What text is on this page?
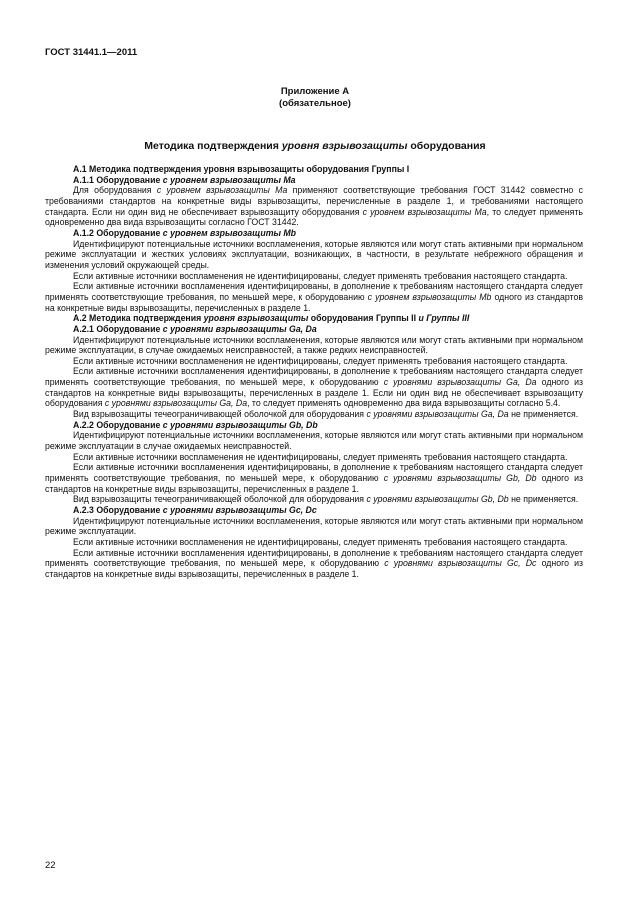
ГОСТ 31441.1—2011
Приложение А
(обязательное)
Методика подтверждения уровня взрывозащиты оборудования
А.1 Методика подтверждения уровня взрывозащиты оборудования Группы I
А.1.1 Оборудование с уровнем взрывозащиты Ma
Для оборудования с уровнем взрывозащиты Ma применяют соответствующие требования ГОСТ 31442 совместно с требованиями стандартов на конкретные виды взрывозащиты, перечисленные в разделе 1, и требованиями настоящего стандарта. Если ни один вид не обеспечивает взрывозащиту оборудования с уровнем взрывозащиты Ma, то следует применять одновременно два вида взрывозащиты согласно ГОСТ 31442.
А.1.2 Оборудование с уровнем взрывозащиты Mb
Идентифицируют потенциальные источники воспламенения, которые являются или могут стать активными при нормальном режиме эксплуатации и жестких условиях эксплуатации, возникающих, в частности, в результате небрежного обращения и изменения условий окружающей среды.
Если активные источники воспламенения не идентифицированы, следует применять требования настоящего стандарта.
Если активные источники воспламенения идентифицированы, в дополнение к требованиям настоящего стандарта следует применять соответствующие требования, по меньшей мере, к оборудованию с уровнем взрывозащиты Mb одного из стандартов на конкретные виды взрывозащиты, перечисленных в разделе 1.
А.2 Методика подтверждения уровня взрывозащиты оборудования Группы II и Группы III
А.2.1 Оборудование с уровнями взрывозащиты Ga, Da
Идентифицируют потенциальные источники воспламенения, которые являются или могут стать активными при нормальном режиме эксплуатации, в случае ожидаемых неисправностей, а также редких неисправностей.
Если активные источники воспламенения не идентифицированы, следует применять требования настоящего стандарта.
Если активные источники воспламенения идентифицированы, в дополнение к требованиям настоящего стандарта следует применять соответствующие требования, по меньшей мере, к оборудованию с уровнями взрывозащиты Ga, Da одного из стандартов на конкретные виды взрывозащиты, перечисленных в разделе 1. Если ни один вид не обеспечивает взрывозащиту оборудования с уровнями взрывозащиты Ga, Da, то следует применять одновременно два вида взрывозащиты согласно 5.4.
Вид взрывозащиты течеограничивающей оболочкой для оборудования с уровнями взрывозащиты Ga, Da не применяется.
А.2.2 Оборудование с уровнями взрывозащиты Gb, Db
Идентифицируют потенциальные источники воспламенения, которые являются или могут стать активными при нормальном режиме эксплуатации в случае ожидаемых неисправностей.
Если активные источники воспламенения не идентифицированы, следует применять требования настоящего стандарта.
Если активные источники воспламенения идентифицированы, в дополнение к требованиям настоящего стандарта следует применять соответствующие требования, по меньшей мере, к оборудованию с уровнями взрывозащиты Gb, Db одного из стандартов на конкретные виды взрывозащиты, перечисленных в разделе 1.
Вид взрывозащиты течеограничивающей оболочкой для оборудования с уровнями взрывозащиты Gb, Db не применяется.
А.2.3 Оборудование с уровнями взрывозащиты Gc, Dc
Идентифицируют потенциальные источники воспламенения, которые являются или могут стать активными при нормальном режиме эксплуатации.
Если активные источники воспламенения не идентифицированы, следует применять требования настоящего стандарта.
Если активные источники воспламенения идентифицированы, в дополнение к требованиям настоящего стандарта следует применять соответствующие требования, по меньшей мере, к оборудованию с уровнями взрывозащиты Gc, Dc одного из стандартов на конкретные виды взрывозащиты, перечисленных в разделе 1.
22
